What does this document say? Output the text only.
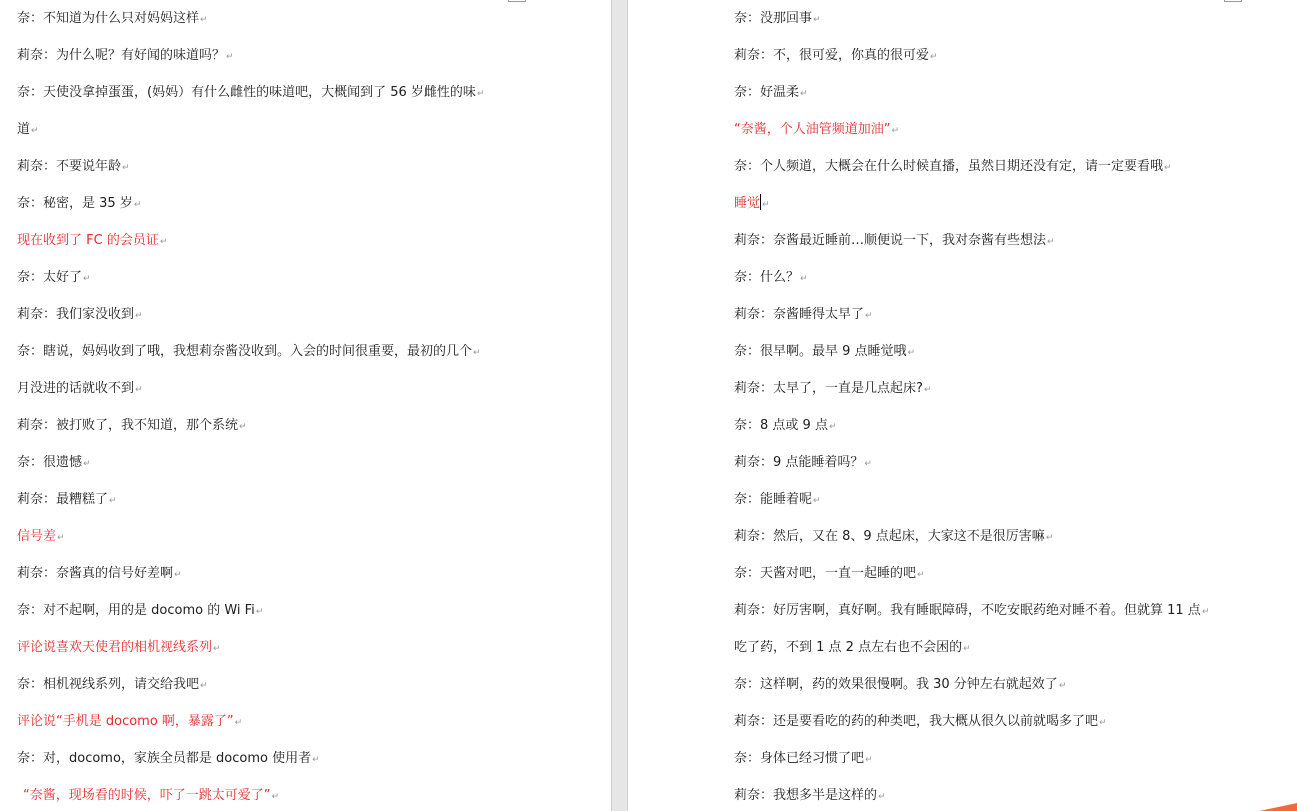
奈：不知道为什么只对妈妈这样↵
莉奈：为什么呢？有好闻的味道吗？↵
奈：天使没拿掉蛋蛋，(妈妈）有什么雌性的味道吧，大概闻到了 56 岁雌性的味↵
道↵
莉奈：不要说年龄↵
奈：秘密，是 35 岁↵
现在收到了 FC 的会员证↵
奈：太好了↵
莉奈：我们家没收到↵
奈：瞎说，妈妈收到了哦，我想莉奈酱没收到。入会的时间很重要，最初的几个↵
月没进的话就收不到↵
莉奈：被打败了，我不知道，那个系统↵
奈：很遗憾↵
莉奈：最糟糕了↵
信号差↵
莉奈：奈酱真的信号好差啊↵
奈：对不起啊，用的是 docomo 的 Wi Fi↵
评论说喜欢天使君的相机视线系列↵
奈：相机视线系列，请交给我吧↵
评论说“手机是 docomo 啊，暴露了”↵
奈：对，docomo，家族全员都是 docomo 使用者↵
“奈酱，现场看的时候，吓了一跳太可爱了”↵
奈：没那回事↵
莉奈：不，很可爱，你真的很可爱↵
奈：好温柔↵
“奈酱，个人油管频道加油”↵
奈：个人频道，大概会在什么时候直播，虽然日期还没有定，请一定要看哦↵
睡觉 ↵
莉奈：奈酱最近睡前…顺便说一下，我对奈酱有些想法↵
奈：什么？↵
莉奈：奈酱睡得太早了↵
奈：很早啊。最早 9 点睡觉哦↵
莉奈：太早了，一直是几点起床?↵
奈：8 点或 9 点↵
莉奈：9 点能睡着吗？↵
奈：能睡着呢↵
莉奈：然后，又在 8、9 点起床，大家这不是很厉害嘛↵
奈：天酱对吧，一直一起睡的吧↵
莉奈：好厉害啊，真好啊。我有睡眠障碍，不吃安眠药绝对睡不着。但就算 11 点↵
吃了药，不到 1 点 2 点左右也不会困的↵
奈：这样啊，药的效果很慢啊。我 30 分钟左右就起效了↵
莉奈：还是要看吃的药的种类吧，我大概从很久以前就喝多了吧↵
奈：身体已经习惯了吧↵
莉奈：我想多半是这样的↵
